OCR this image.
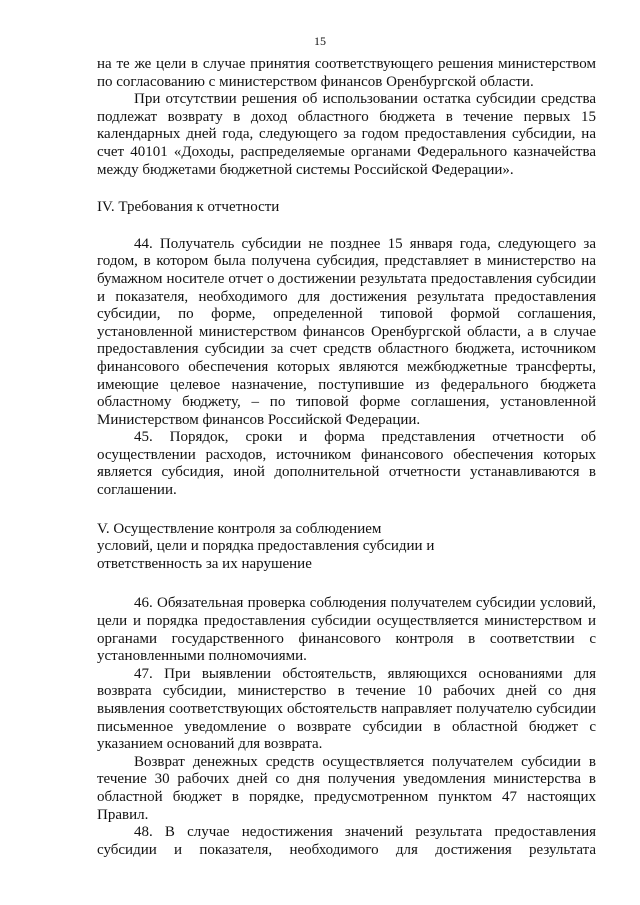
15

на те же цели в случае принятия соответствующего решения министерством по согласованию с министерством финансов Оренбургской области.

При отсутствии решения об использовании остатка субсидии средства подлежат возврату в доход областного бюджета в течение первых 15 календарных дней года, следующего за годом предоставления субсидии, на счет 40101 «Доходы, распределяемые органами Федерального казначейства между бюджетами бюджетной системы Российской Федерации».

IV. Требования к отчетности

44. Получатель субсидии не позднее 15 января года, следующего за годом, в котором была получена субсидия, представляет в министерство на бумажном носителе отчет о достижении результата предоставления субсидии и показателя, необходимого для достижения результата предоставления субсидии, по форме, определенной типовой формой соглашения, установленной министерством финансов Оренбургской области, а в случае предоставления субсидии за счет средств областного бюджета, источником финансового обеспечения которых являются межбюджетные трансферты, имеющие целевое назначение, поступившие из федерального бюджета областному бюджету, – по типовой форме соглашения, установленной Министерством финансов Российской Федерации.

45. Порядок, сроки и форма представления отчетности об осуществлении расходов, источником финансового обеспечения которых является субсидия, иной дополнительной отчетности устанавливаются в соглашении.

V. Осуществление контроля за соблюдением
условий, цели и порядка предоставления субсидии и
ответственность за их нарушение

46. Обязательная проверка соблюдения получателем субсидии условий, цели и порядка предоставления субсидии осуществляется министерством и органами государственного финансового контроля в соответствии с установленными полномочиями.

47. При выявлении обстоятельств, являющихся основаниями для возврата субсидии, министерство в течение 10 рабочих дней со дня выявления соответствующих обстоятельств направляет получателю субсидии письменное уведомление о возврате субсидии в областной бюджет с указанием оснований для возврата.

Возврат денежных средств осуществляется получателем субсидии в течение 30 рабочих дней со дня получения уведомления министерства в областной бюджет в порядке, предусмотренном пунктом 47 настоящих Правил.

48. В случае недостижения значений результата предоставления

субсидии и показателя, необходимого для достижения результата
